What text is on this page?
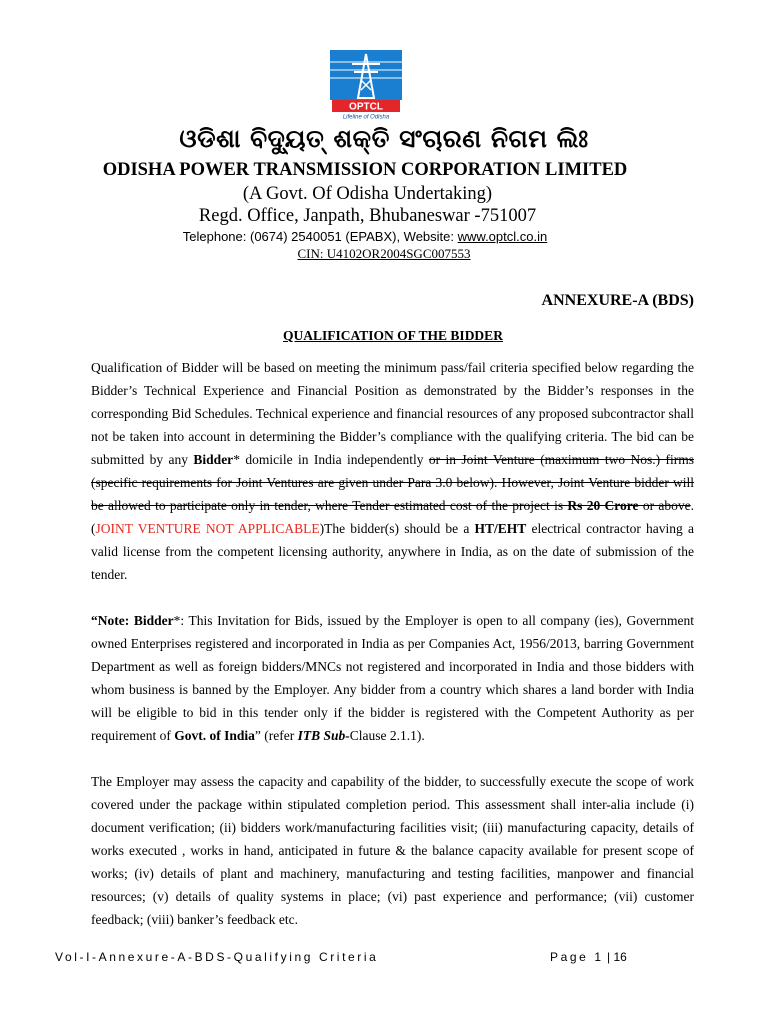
OPTCL
Lifeline of Odisha
ଓଡିଶା ବିଦ୍ୟୁତ୍ ଶକ୍ତି ସଂଚାରଣ ନିଗମ ଲିଃ
ODISHA POWER TRANSMISSION CORPORATION LIMITED
(A Govt. Of Odisha Undertaking)
Regd. Office, Janpath, Bhubaneswar -751007
Telephone: (0674) 2540051 (EPABX), Website: www.optcl.co.in
CIN: U4102OR2004SGC007553
ANNEXURE-A (BDS)
QUALIFICATION OF THE BIDDER

Qualification of Bidder will be based on meeting the minimum pass/fail criteria specified below regarding the Bidder’s Technical Experience and Financial Position as demonstrated by the Bidder’s responses in the corresponding Bid Schedules. Technical experience and financial resources of any proposed subcontractor shall not be taken into account in determining the Bidder’s compliance with the qualifying criteria. The bid can be submitted by any Bidder* domicile in India independently or in Joint Venture (maximum two Nos.) firms (specific requirements for Joint Ventures are given under Para 3.0 below). However, Joint Venture bidder will be allowed to participate only in tender, where Tender estimated cost of the project is Rs 20 Crore or above. (JOINT VENTURE NOT APPLICABLE)The bidder(s) should be a HT/EHT electrical contractor having a valid license from the competent licensing authority, anywhere in India, as on the date of submission of the tender.

“Note: Bidder*: This Invitation for Bids, issued by the Employer is open to all company (ies), Government owned Enterprises registered and incorporated in India as per Companies Act, 1956/2013, barring Government Department as well as foreign bidders/MNCs not registered and incorporated in India and those bidders with whom business is banned by the Employer. Any bidder from a country which shares a land border with India will be eligible to bid in this tender only if the bidder is registered with the Competent Authority as per requirement of Govt. of India” (refer ITB Sub-Clause 2.1.1).

The Employer may assess the capacity and capability of the bidder, to successfully execute the scope of work covered under the package within stipulated completion period. This assessment shall inter-alia include (i) document verification; (ii) bidders work/manufacturing facilities visit; (iii) manufacturing capacity, details of works executed , works in hand, anticipated in future & the balance capacity available for present scope of works; (iv) details of plant and machinery, manufacturing and testing facilities, manpower and financial resources; (v) details of quality systems in place; (vi) past experience and performance; (vii) customer feedback; (viii) banker’s feedback etc.

Vol-I-Annexure-A-BDS-Qualifying Criteria	Page 1 | 16
